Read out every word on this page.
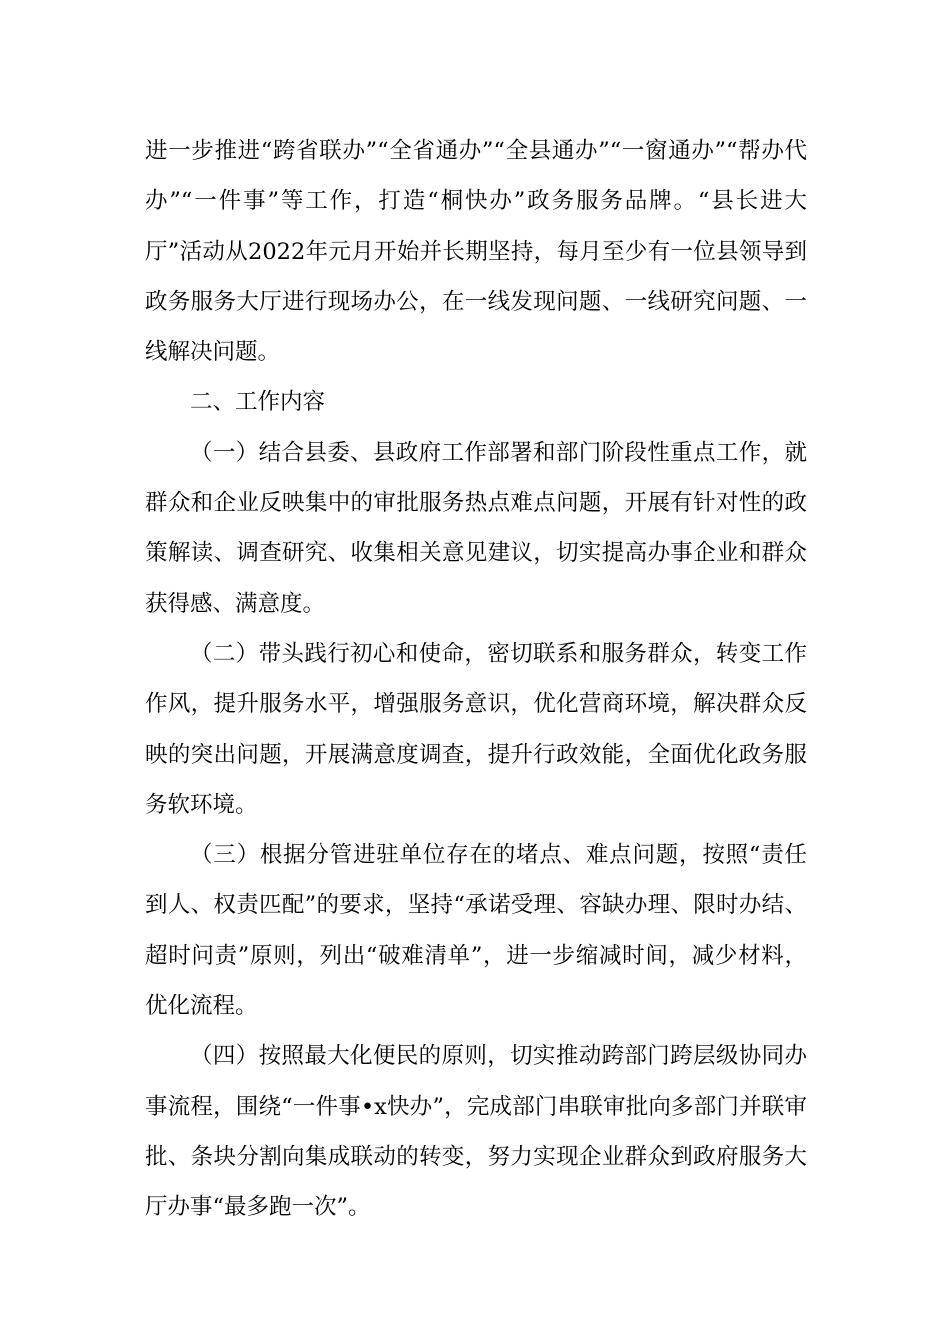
进一步推进“跨省联办”“全省通办”“全县通办”“一窗通办”“帮办代办”“一件事”等工作，打造“桐快办”政务服务品牌。“县长进大厅”活动从2022年元月开始并长期坚持，每月至少有一位县领导到政务服务大厅进行现场办公，在一线发现问题、一线研究问题、一线解决问题。

二、工作内容

（一）结合县委、县政府工作部署和部门阶段性重点工作，就群众和企业反映集中的审批服务热点难点问题，开展有针对性的政策解读、调查研究、收集相关意见建议，切实提高办事企业和群众获得感、满意度。

（二）带头践行初心和使命，密切联系和服务群众，转变工作作风，提升服务水平，增强服务意识，优化营商环境，解决群众反映的突出问题，开展满意度调查，提升行政效能，全面优化政务服务软环境。

（三）根据分管进驻单位存在的堵点、难点问题，按照“责任到人、权责匹配”的要求，坚持“承诺受理、容缺办理、限时办结、超时问责”原则，列出“破难清单”，进一步缩减时间，减少材料，优化流程。

（四）按照最大化便民的原则，切实推动跨部门跨层级协同办事流程，围绕“一件事•x快办”，完成部门串联审批向多部门并联审批、条块分割向集成联动的转变，努力实现企业群众到政府服务大厅办事“最多跑一次”。
